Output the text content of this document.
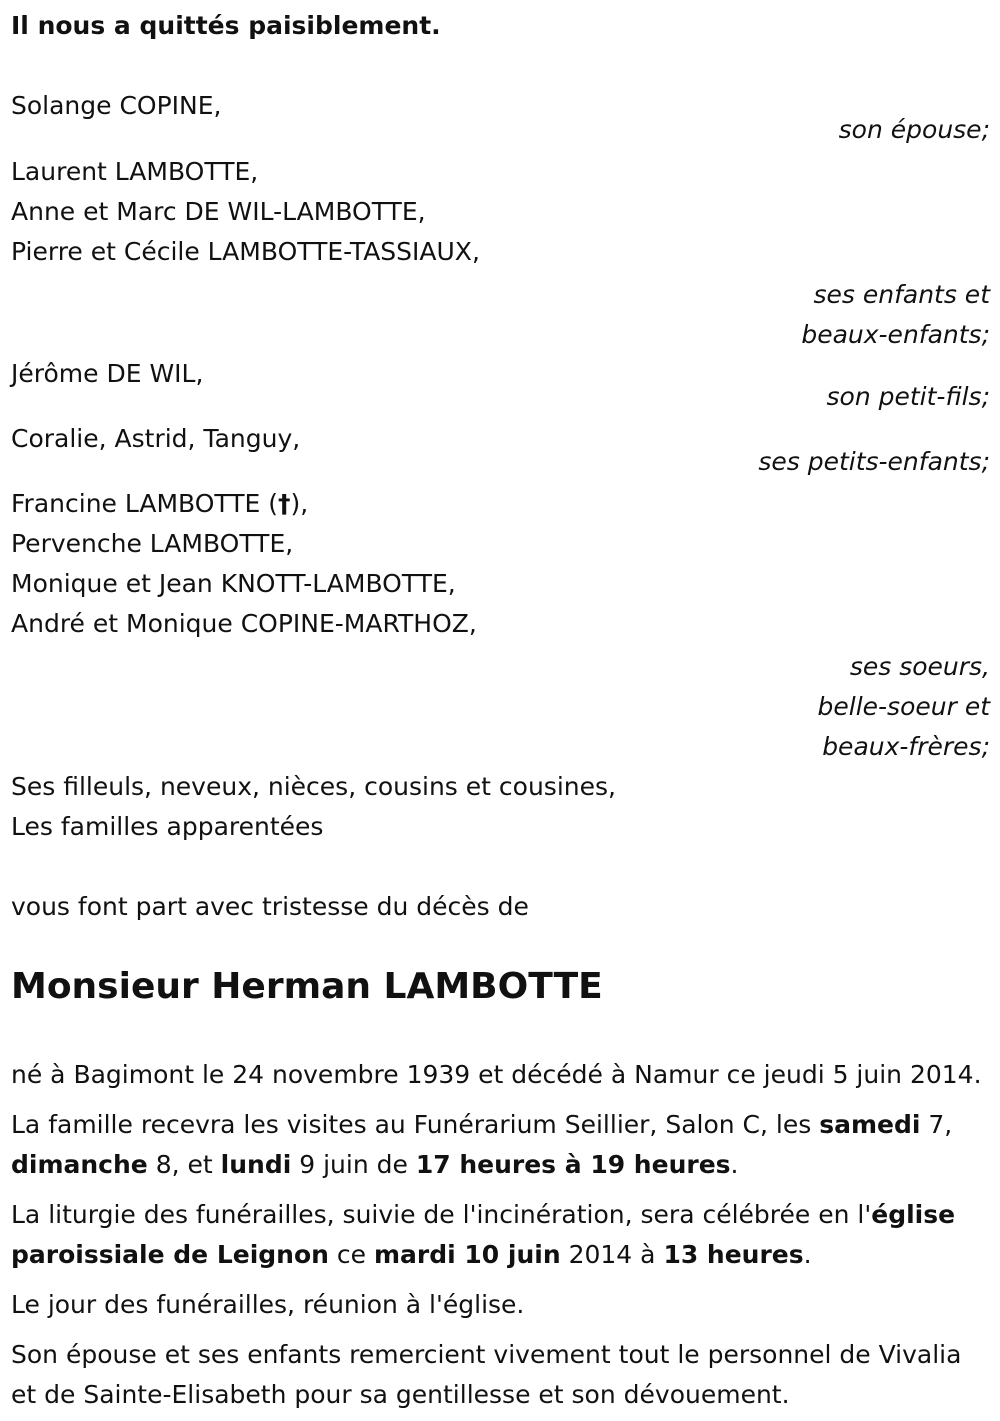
Il nous a quittés paisiblement.

Solange COPINE,
son épouse;
Laurent LAMBOTTE,
Anne et Marc DE WIL-LAMBOTTE,
Pierre et Cécile LAMBOTTE-TASSIAUX,
ses enfants et
beaux-enfants;
Jérôme DE WIL,
son petit-fils;
Coralie, Astrid, Tanguy,
ses petits-enfants;
Francine LAMBOTTE (†),
Pervenche LAMBOTTE,
Monique et Jean KNOTT-LAMBOTTE,
André et Monique COPINE-MARTHOZ,
ses soeurs,
belle-soeur et
beaux-frères;
Ses filleuls, neveux, nièces, cousins et cousines,
Les familles apparentées
vous font part avec tristesse du décès de
Monsieur Herman LAMBOTTE

né à Bagimont le 24 novembre 1939 et décédé à Namur ce jeudi 5 juin 2014.

La famille recevra les visites au Funérarium Seillier, Salon C, les samedi 7, dimanche 8, et lundi 9 juin de 17 heures à 19 heures.

La liturgie des funérailles, suivie de l'incinération, sera célébrée en l'église paroissiale de Leignon ce mardi 10 juin 2014 à 13 heures.

Le jour des funérailles, réunion à l'église.

Son épouse et ses enfants remercient vivement tout le personnel de Vivalia et de Sainte-Elisabeth pour sa gentillesse et son dévouement.
